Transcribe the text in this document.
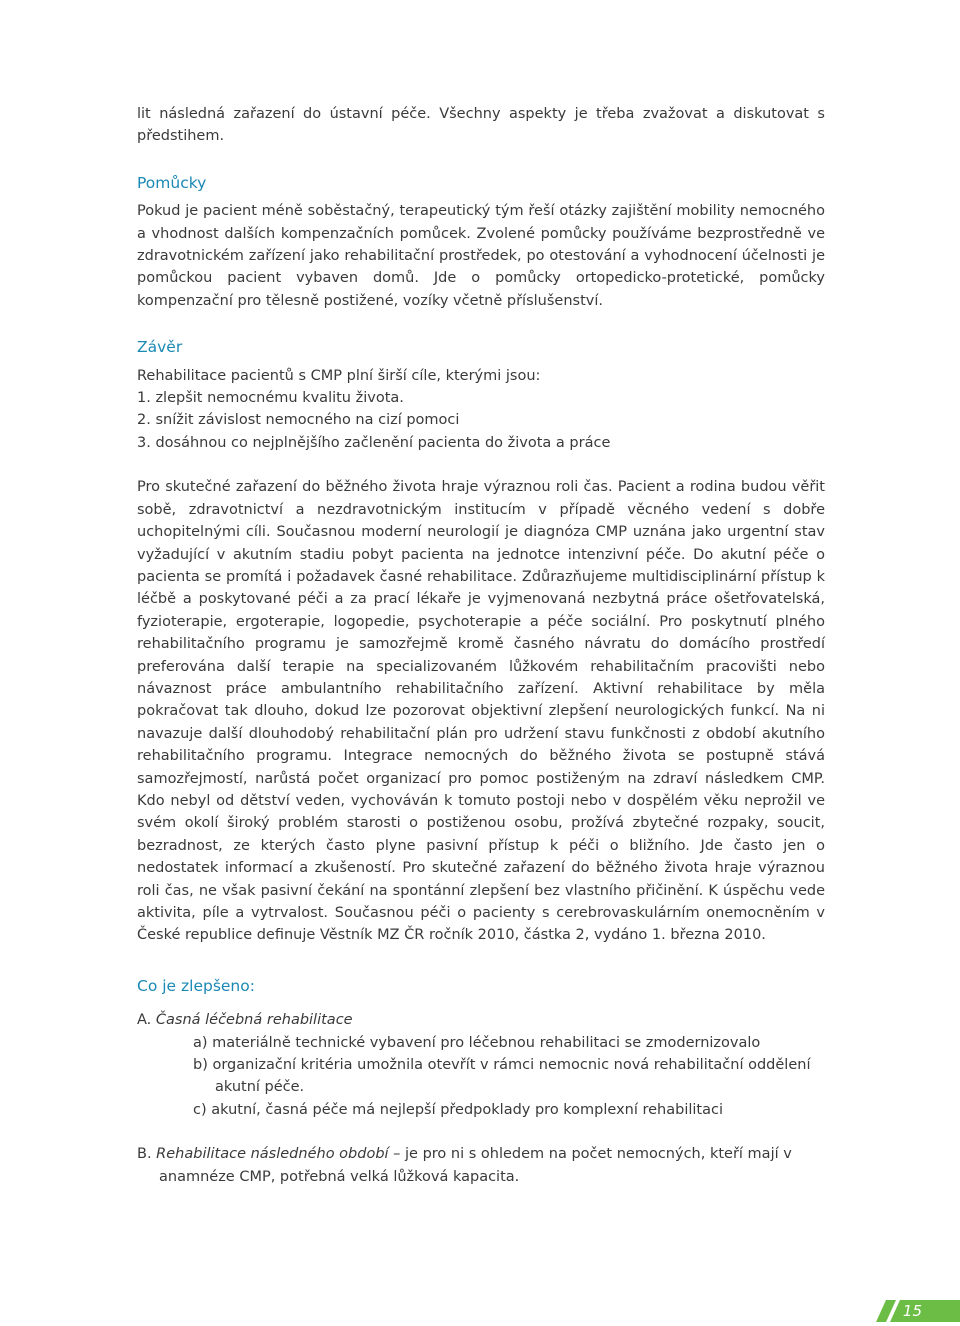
lit následná zařazení do ústavní péče. Všechny aspekty je třeba zvažovat a diskutovat s předstihem.

Pomůcky

Pokud je pacient méně soběstačný, terapeutický tým řeší otázky zajištění mobility nemocného a vhodnost dalších kompenzačních pomůcek. Zvolené pomůcky používáme bezprostředně ve zdravotnickém zařízení jako rehabilitační prostředek, po otestování a vyhodnocení účelnosti je pomůckou pacient vybaven domů. Jde o pomůcky ortopedicko-protetické, pomůcky kompenzační pro tělesně postižené, vozíky včetně příslušenství.

Závěr

Rehabilitace pacientů s CMP plní širší cíle, kterými jsou:

1. zlepšit nemocnému kvalitu života.

2. snížit závislost nemocného na cizí pomoci

3. dosáhnou co nejplnějšího začlenění pacienta do života a práce

Pro skutečné zařazení do běžného života hraje výraznou roli čas. Pacient a rodina budou věřit sobě, zdravotnictví a nezdravotnickým institucím v případě věcného vedení s dobře uchopitelnými cíli. Současnou moderní neurologií je diagnóza CMP uznána jako urgentní stav vyžadující v akutním stadiu pobyt pacienta na jednotce intenzivní péče. Do akutní péče o pacienta se promítá i požadavek časné rehabilitace. Zdůrazňujeme multidisciplinární přístup k léčbě a poskytované péči a za prací lékaře je vyjmenovaná nezbytná práce ošetřovatelská, fyzioterapie, ergoterapie, logopedie, psychoterapie a péče sociální. Pro poskytnutí plného rehabilitačního programu je samozřejmě kromě časného návratu do domácího prostředí preferována další terapie na specializovaném lůžkovém rehabilitačním pracovišti nebo návaznost práce ambulantního rehabilitačního zařízení. Aktivní rehabilitace by měla pokračovat tak dlouho, dokud lze pozorovat objektivní zlepšení neurologických funkcí. Na ni navazuje další dlouhodobý rehabilitační plán pro udržení stavu funkčnosti z období akutního rehabilitačního programu. Integrace nemocných do běžného života se postupně stává samozřejmostí, narůstá počet organizací pro pomoc postiženým na zdraví následkem CMP. Kdo nebyl od dětství veden, vychováván k tomuto postoji nebo v dospělém věku neprožil ve svém okolí široký problém starosti o postiženou osobu, prožívá zbytečné rozpaky, soucit, bezradnost, ze kterých často plyne pasivní přístup k péči o bližního. Jde často jen o nedostatek informací a zkušeností. Pro skutečné zařazení do běžného života hraje výraznou roli čas, ne však pasivní čekání na spontánní zlepšení bez vlastního přičinění. K úspěchu vede aktivita, píle a vytrvalost. Současnou péči o pacienty s cerebrovaskulárním onemocněním v České republice definuje Věstník MZ ČR ročník 2010, částka 2, vydáno 1. března 2010.

Co je zlepšeno:

A. Časná léčebná rehabilitace

a) materiálně technické vybavení pro léčebnou rehabilitaci se zmodernizovalo
b) organizační kritéria umožnila otevřít v rámci nemocnic nová rehabilitační oddělení akutní péče.
c) akutní, časná péče má nejlepší předpoklady pro komplexní rehabilitaci

B. Rehabilitace následného období – je pro ni s ohledem na počet nemocných, kteří mají v anamnéze CMP, potřebná velká lůžková kapacita.

15
